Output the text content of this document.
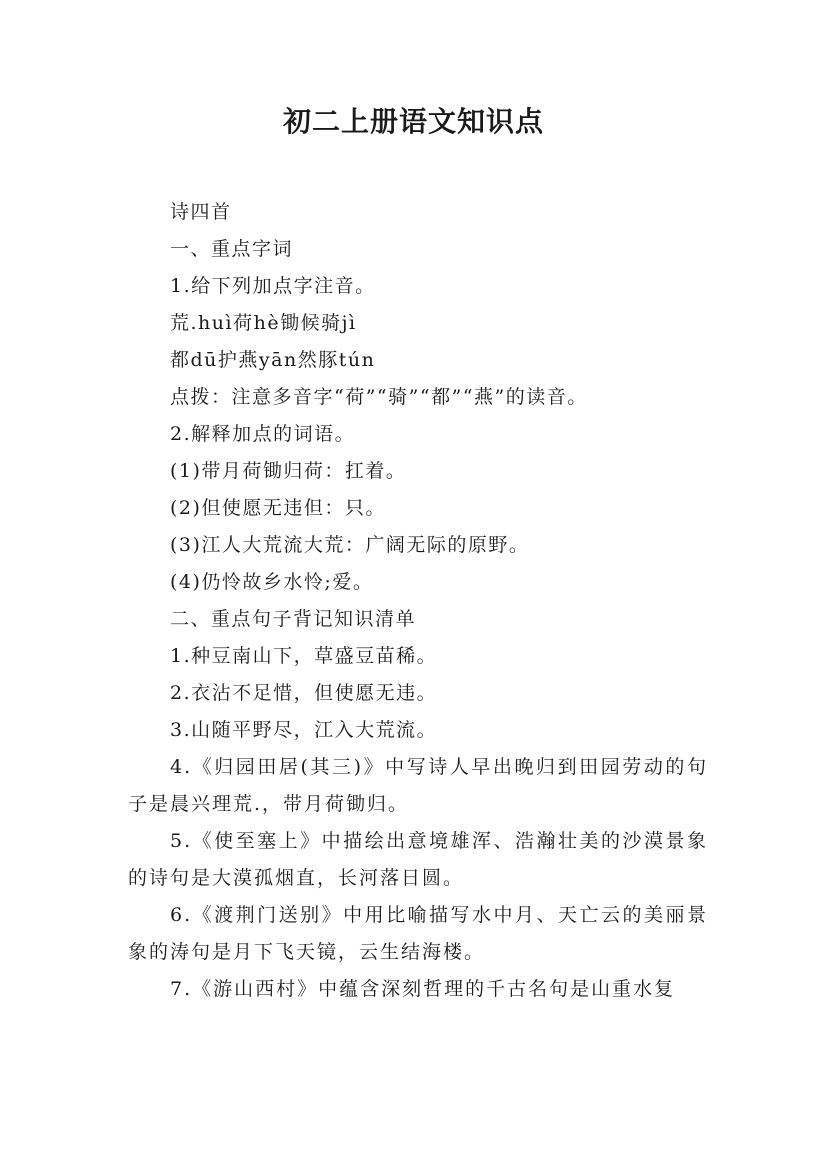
初二上册语文知识点

诗四首

一、重点字词

1.给下列加点字注音。

荒.huì荷hè锄候骑jì

都dū护燕yān然豚tún

点拨：注意多音字“荷”“骑”“都”“燕”的读音。

2.解释加点的词语。

(1)带月荷锄归荷：扛着。

(2)但使愿无违但：只。

(3)江人大荒流大荒：广阔无际的原野。

(4)仍怜故乡水怜;爱。

二、重点句子背记知识清单

1.种豆南山下，草盛豆苗稀。

2.衣沾不足惜，但使愿无违。

3.山随平野尽，江入大荒流。

4.《归园田居(其三)》中写诗人早出晚归到田园劳动的句子是晨兴理荒.，带月荷锄归。

5.《使至塞上》中描绘出意境雄浑、浩瀚壮美的沙漠景象的诗句是大漠孤烟直，长河落日圆。

6.《渡荆门送别》中用比喻描写水中月、天亡云的美丽景象的涛句是月下飞天镜，云生结海楼。

7.《游山西村》中蕴含深刻哲理的千古名句是山重水复
